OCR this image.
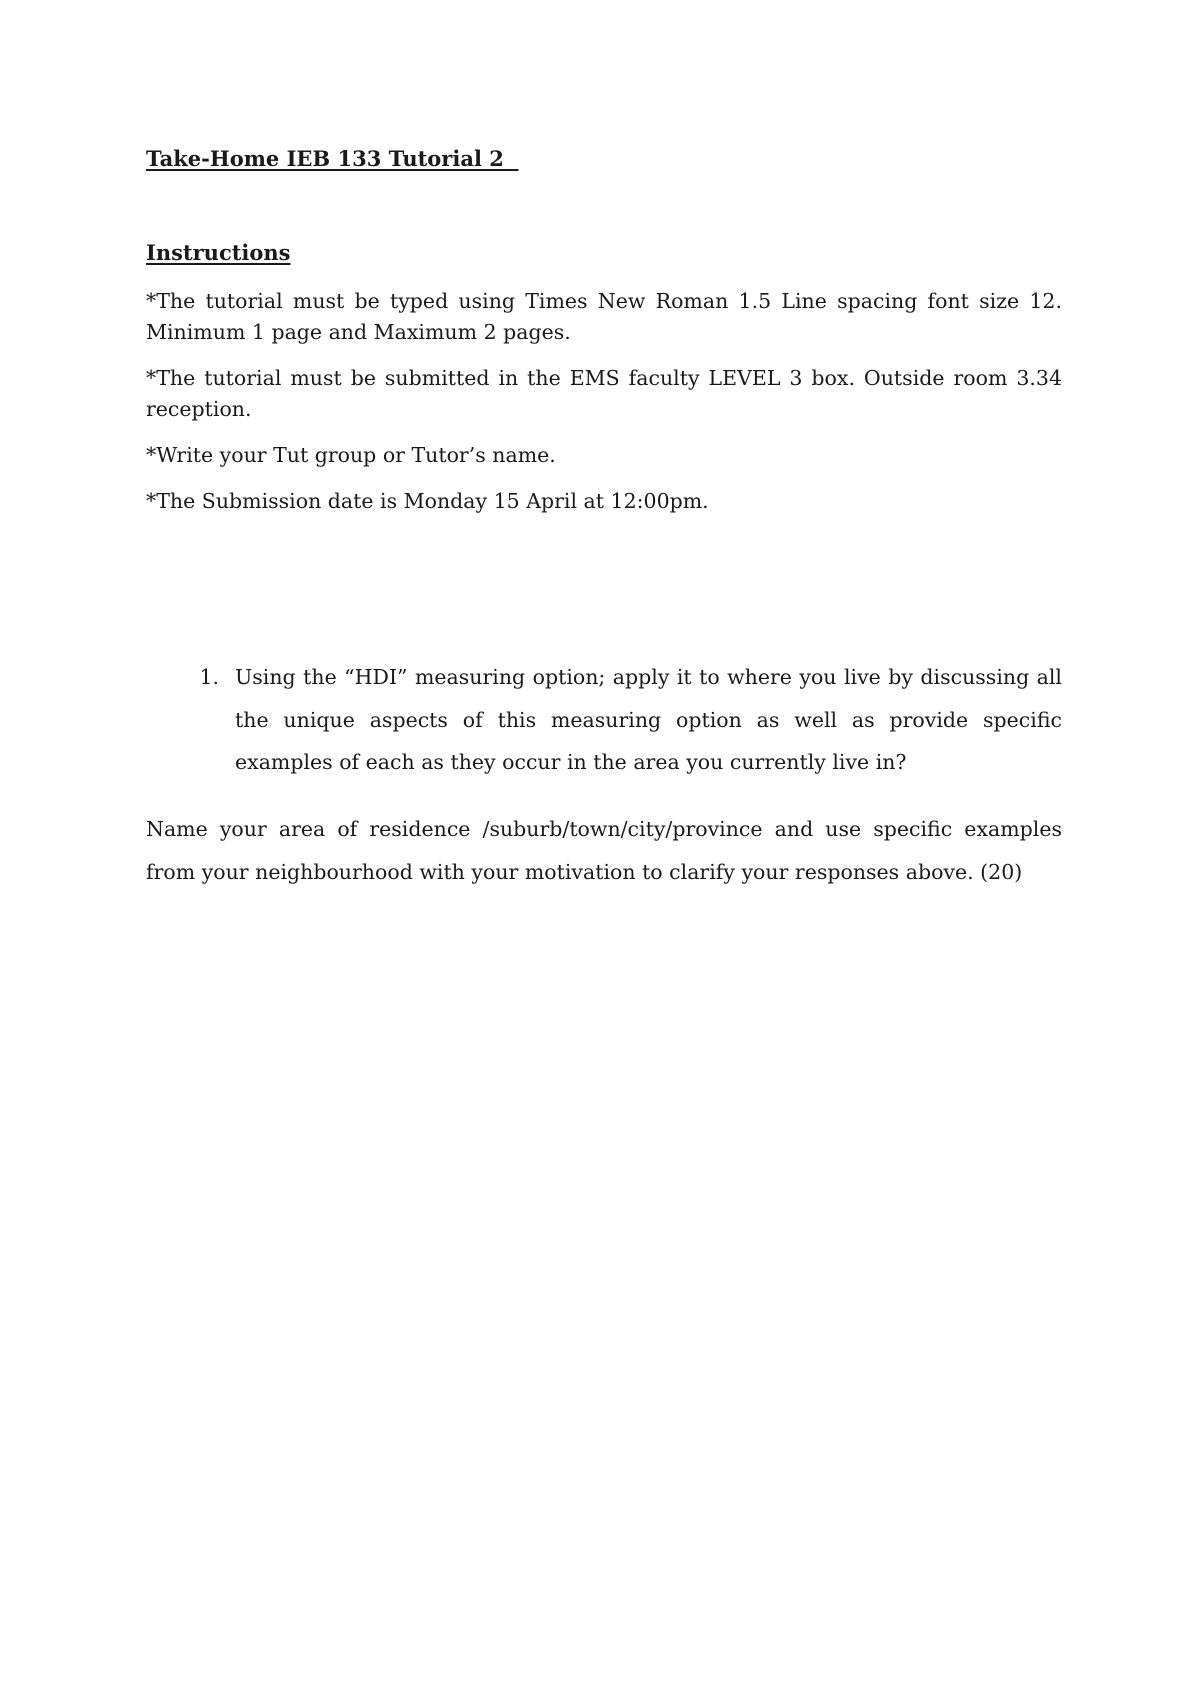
Take-Home IEB 133 Tutorial 2

Instructions

*The tutorial must be typed using Times New Roman 1.5 Line spacing font size 12. Minimum 1 page and Maximum 2 pages.

*The tutorial must be submitted in the EMS faculty LEVEL 3 box. Outside room 3.34 reception.

*Write your Tut group or Tutor’s name.

*The Submission date is Monday 15 April at 12:00pm.

1. Using the “HDI” measuring option; apply it to where you live by discussing all the unique aspects of this measuring option as well as provide specific examples of each as they occur in the area you currently live in?

Name your area of residence /suburb/town/city/province and use specific examples from your neighbourhood with your motivation to clarify your responses above. (20)
